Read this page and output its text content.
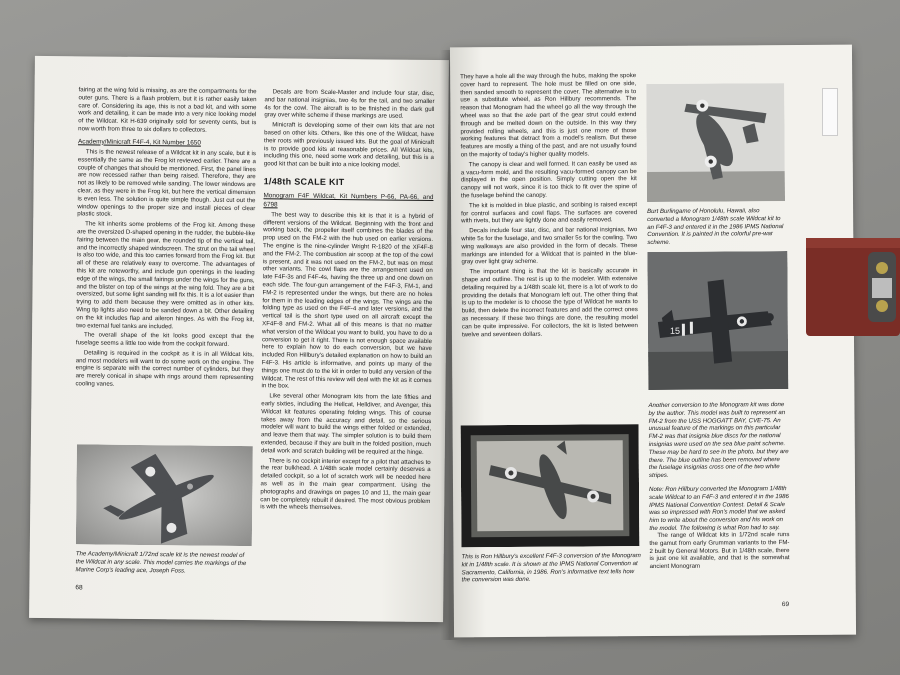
fairing at the wing fold is missing, as are the compartments for the outer guns. There is a flash problem, but it is rather easily taken care of. Considering its age, this is not a bad kit, and with some work and detailing, it can be made into a very nice looking model of the Wildcat. Kit H-639 originally sold for seventy cents, but is now worth from three to six dollars to collectors.

Academy/Minicraft F4F-4, Kit Number 1650

This is the newest release of a Wildcat kit in any scale, but it is essentially the same as the Frog kit reviewed earlier. There are a couple of changes that should be mentioned. First, the panel lines are now recessed rather than being raised. Therefore, they are not as likely to be removed while sanding. The lower windows are clear, as they were in the Frog kit, but here the vertical dimension is even less. The solution is quite simple though. Just cut out the window openings to the proper size and install pieces of clear plastic stock.

The kit inherits some problems of the Frog kit. Among these are the oversized D-shaped opening in the rudder, the bubble-like fairing between the main gear, the rounded tip of the vertical tail, and the incorrectly shaped windscreen. The strut on the tail wheel is also too wide, and this too carries forward from the Frog kit. But all of these are relatively easy to overcome. The advantages of this kit are noteworthy, and include gun openings in the leading edge of the wings, the small fairings under the wings for the guns, and the blister on top of the wings at the wing fold. They are a bit oversized, but some light sanding will fix this. It is a lot easier than trying to add them because they were omitted as in other kits. Wing tip lights also need to be sanded down a bit. Other detailing on the kit includes flap and aileron hinges. As with the Frog kit, two external fuel tanks are included.

The overall shape of the kit looks good except that the fuselage seems a little too wide from the cockpit forward.

Detailing is required in the cockpit as it is in all Wildcat kits, and most modelers will want to do some work on the engine. The engine is separate with the correct number of cylinders, but they are merely conical in shape with rings around them representing cooling vanes.

The Academy/Minicraft 1/72nd scale kit is the newest model of the Wildcat in any scale. This model carries the markings of the Marine Corp's leading ace, Joseph Foss.
68

Decals are from Scale-Master and include four star, disc, and bar national insignias, two 4s for the tail, and two smaller 4s for the cowl. The aircraft is to be finished in the dark gull gray over white scheme if these markings are used.

Minicraft is developing some of their own kits that are not based on other kits. Others, like this one of the Wildcat, have their roots with previously issued kits. But the goal of Minicraft is to provide good kits at reasonable prices. All Wildcat kits, including this one, need some work and detailing, but this is a good kit that can be built into a nice looking model.

1/48th SCALE KIT
Monogram F4F Wildcat, Kit Numbers P-66, PA-66, and 6798

The best way to describe this kit is that it is a hybrid of different versions of the Wildcat. Beginning with the front and working back, the propeller itself combines the blades of the prop used on the FM-2 with the hub used on earlier versions. The engine is the nine-cylinder Wright R-1820 of the XF4F-8 and the FM-2. The combustion air scoop at the top of the cowl is present, and it was not used on the FM-2, but was on most other variants. The cowl flaps are the arrangement used on late F4F-3s and F4F-4s, having the three up and one down on each side. The four-gun arrangement of the F4F-3, FM-1, and FM-2 is represented under the wings, but there are no holes for them in the leading edges of the wings. The wings are the folding type as used on the F4F-4 and later versions, and the vertical tail is the short type used on all aircraft except the XF4F-8 and FM-2. What all of this means is that no matter what version of the Wildcat you want to build, you have to do a conversion to get it right. There is not enough space available here to explain how to do each conversion, but we have included Ron Hillbury's detailed explanation on how to build an F4F-3. His article is informative, and points up many of the things one must do to the kit in order to build any version of the Wildcat. The rest of this review will deal with the kit as it comes in the box.

Like several other Monogram kits from the late fifties and early sixties, including the Hellcat, Helldiver, and Avenger, this Wildcat kit features operating folding wings. This of course takes away from the accuracy and detail, so the serious modeler will want to build the wings either folded or extended, and leave them that way. The simpler solution is to build them extended, because if they are built in the folded position, much detail work and scratch building will be required at the hinge.

There is no cockpit interior except for a pilot that attaches to the rear bulkhead. A 1/48th scale model certainly deserves a detailed cockpit, so a lot of scratch work will be needed here as well as in the main gear compartment. Using the photographs and drawings on pages 10 and 11, the main gear can be completely rebuilt if desired. The most obvious problem is with the wheels themselves.

They have a hole all the way through the hubs, making the spoke cover hard to represent. The hole must be filled on one side, then sanded smooth to represent the cover. The alternative is to use a substitute wheel, as Ron Hillbury recommends. The reason that Monogram had the wheel go all the way through the wheel was so that the axle part of the gear strut could extend through and be melted down on the outside. In this way they provided rolling wheels, and this is just one more of those working features that detract from a model's realism. But these features are mostly a thing of the past, and are not usually found on the majority of today's higher quality models.

The canopy is clear and well formed. It can easily be used as a vacu-form mold, and the resulting vacu-formed canopy can be displayed in the open position. Simply cutting open the kit canopy will not work, since it is too thick to fit over the spine of the fuselage behind the canopy.

The kit is molded in blue plastic, and scribing is raised except for control surfaces and cowl flaps. The surfaces are covered with rivets, but they are lightly done and easily removed.

Decals include four star, disc, and bar national insignias, two white 5s for the fuselage, and two smaller 5s for the cowling. Two wing walkways are also provided in the form of decals. These markings are intended for a Wildcat that is painted in the blue-gray over light gray scheme.

The important thing is that the kit is basically accurate in shape and outline. The rest is up to the modeler. With extensive detailing required by a 1/48th scale kit, there is a lot of work to do providing the details that Monogram left out. The other thing that is up to the modeler is to choose the type of Wildcat he wants to build, then delete the incorrect features and add the correct ones as necessary. If these two things are done, the resulting model can be quite impressive. For collectors, the kit is listed between twelve and seventeen dollars.

This is Ron Hillbury's excellent F4F-3 conversion of the Monogram kit in 1/48th scale. It is shown at the IPMS National Convention at Sacramento, California, in 1986. Ron's informative text tells how the conversion was done.
Burt Burlingame of Honolulu, Hawaii, also converted a Monogram 1/48th scale Wildcat kit to an F4F-3 and entered it in the 1986 IPMS National Convention. It is painted in the colorful pre-war scheme.
15
Another conversion to the Monogram kit was done by the author. This model was built to represent an FM-2 from the USS HOGGATT BAY, CVE-75. An unusual feature of the markings on this particular FM-2 was that insignia blue discs for the national insignias were used on the sea blue paint scheme. These may be hard to see in the photo, but they are there. The blue outline has been removed where the fuselage insignias cross one of the two white stripes.
Note: Ron Hillbury converted the Monogram 1/48th scale Wildcat to an F4F-3 and entered it in the 1986 IPMS National Convention Contest. Detail & Scale was so impressed with Ron's model that we asked him to write about the conversion and his work on the model. The following is what Ron had to say.

The range of Wildcat kits in 1/72nd scale runs the gamut from early Grumman variants to the FM-2 built by General Motors. But in 1/48th scale, there is just one kit available, and that is the somewhat ancient Monogram

69
